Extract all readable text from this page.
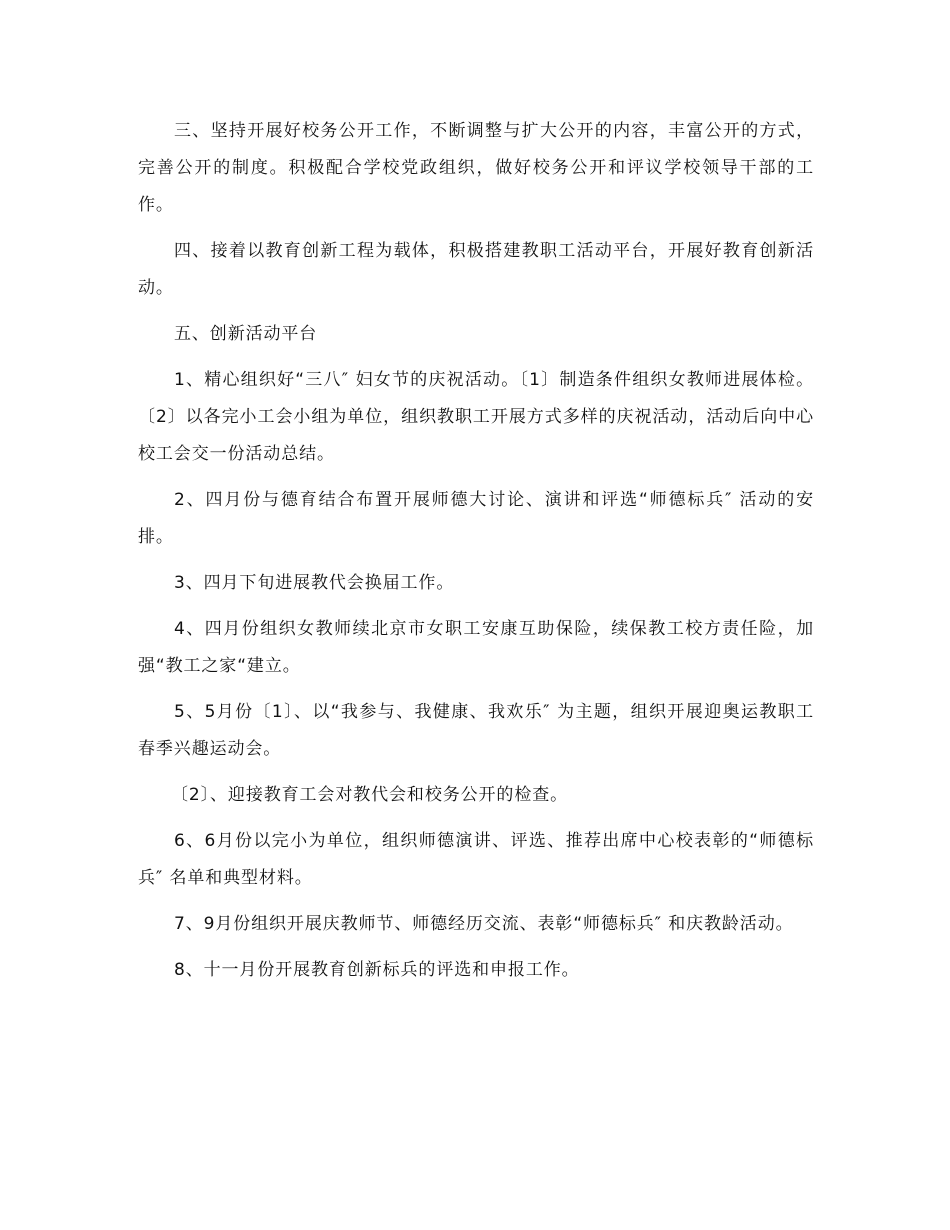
三、坚持开展好校务公开工作，不断调整与扩大公开的内容，丰富公开的方式，完善公开的制度。积极配合学校党政组织，做好校务公开和评议学校领导干部的工作。

四、接着以教育创新工程为载体，积极搭建教职工活动平台，开展好教育创新活动。

五、创新活动平台

1、精心组织好“三八″ 妇女节的庆祝活动。〔1〕制造条件组织女教师进展体检。〔2〕以各完小工会小组为单位，组织教职工开展方式多样的庆祝活动，活动后向中心校工会交一份活动总结。

2、四月份与德育结合布置开展师德大讨论、演讲和评选“师德标兵″ 活动的安排。

3、四月下旬进展教代会换届工作。

4、四月份组织女教师续北京市女职工安康互助保险，续保教工校方责任险，加强“教工之家“建立。

5、5月份〔1〕、以“我参与、我健康、我欢乐″ 为主题，组织开展迎奥运教职工春季兴趣运动会。

〔2〕、迎接教育工会对教代会和校务公开的检查。

6、6月份以完小为单位，组织师德演讲、评选、推荐出席中心校表彰的“师德标兵″ 名单和典型材料。

7、9月份组织开展庆教师节、师德经历交流、表彰“师德标兵″ 和庆教龄活动。

8、十一月份开展教育创新标兵的评选和申报工作。
